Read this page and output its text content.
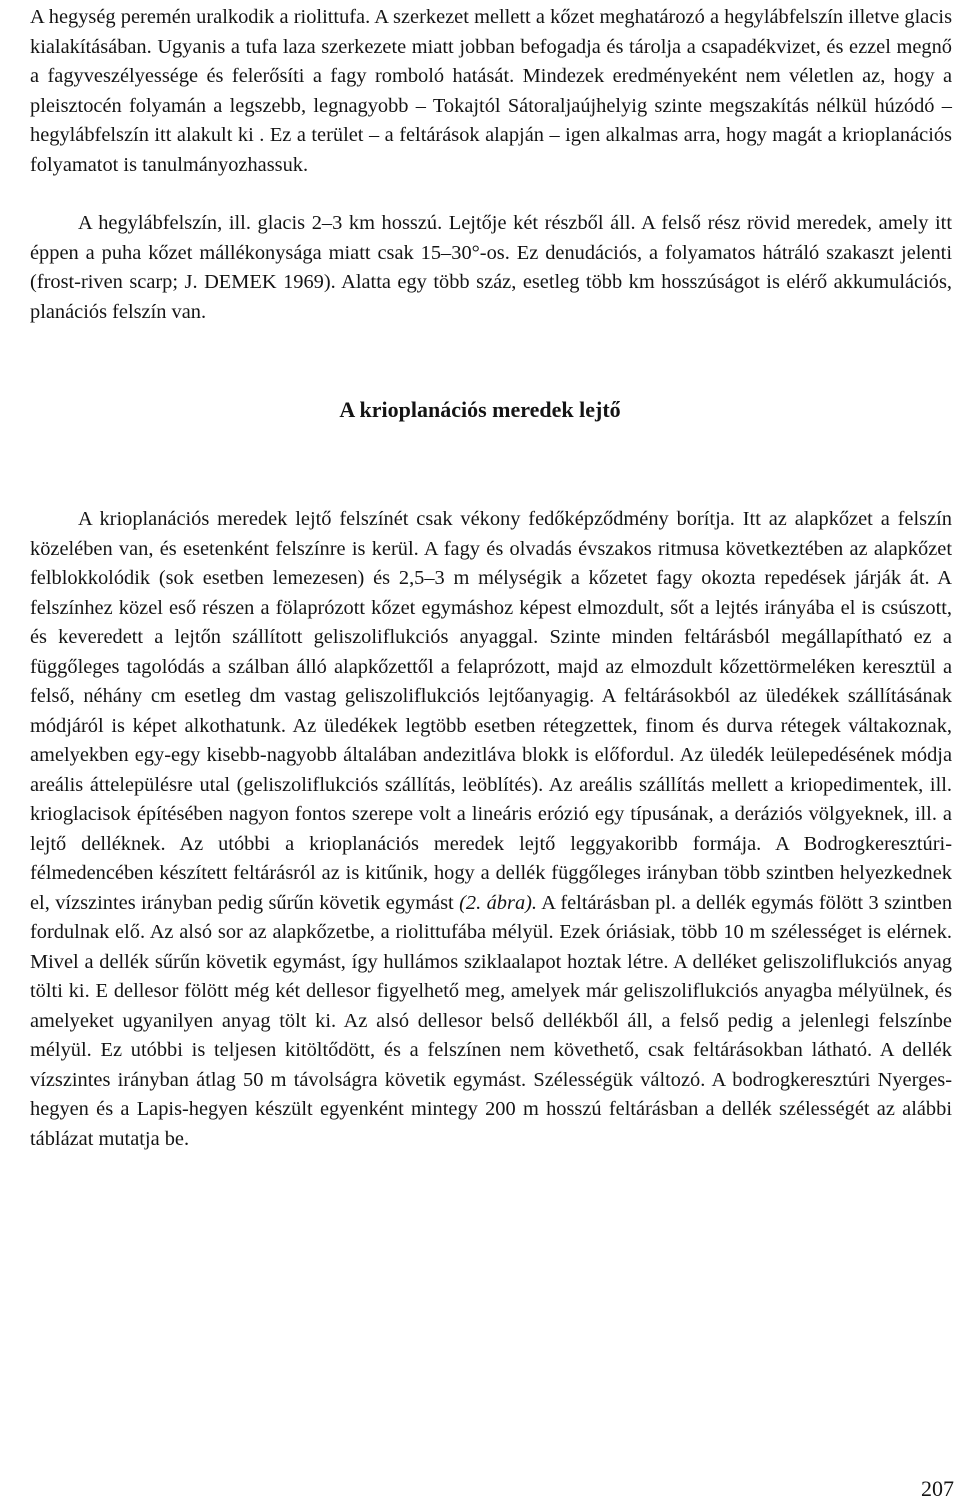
A hegység peremén uralkodik a riolittufa. A szerkezet mellett a kőzet meghatározó a hegylábfelszín illetve glacis kialakításában. Ugyanis a tufa laza szerkezete miatt jobban befogadja és tárolja a csapadékvizet, és ezzel megnő a fagyveszélyessége és felerősíti a fagy romboló hatását. Mindezek eredményeként nem véletlen az, hogy a pleisztocén folyamán a legszebb, legnagyobb – Tokajtól Sátoraljaújhelyig szinte megszakítás nélkül húzódó – hegylábfelszín itt alakult ki . Ez a terület – a feltárások alapján – igen alkalmas arra, hogy magát a krioplanációs folyamatot is tanulmányozhassuk.

A hegylábfelszín, ill. glacis 2–3 km hosszú. Lejtője két részből áll. A felső rész rövid meredek, amely itt éppen a puha kőzet mállékonysága miatt csak 15–30°-os. Ez denudációs, a folyamatos hátráló szakaszt jelenti (frost-riven scarp; J. DEMEK 1969). Alatta egy több száz, esetleg több km hosszúságot is elérő akkumulációs, planációs felszín van.

A krioplanációs meredek lejtő

A krioplanációs meredek lejtő felszínét csak vékony fedőképződmény borítja. Itt az alapkőzet a felszín közelében van, és esetenként felszínre is kerül. A fagy és olvadás évszakos ritmusa következtében az alapkőzet felblokkolódik (sok esetben lemezesen) és 2,5–3 m mélységik a kőzetet fagy okozta repedések járják át. A felszínhez közel eső részen a fölaprózott kőzet egymáshoz képest elmozdult, sőt a lejtés irányába el is csúszott, és keveredett a lejtőn szállított geliszoliflukciós anyaggal. Szinte minden feltárásból megállapítható ez a függőleges tagolódás a szálban álló alapkőzettől a felaprózott, majd az elmozdult kőzettörmeléken keresztül a felső, néhány cm esetleg dm vastag geliszoliflukciós lejtőanyagig. A feltárásokból az üledékek szállításának módjáról is képet alkothatunk. Az üledékek legtöbb esetben rétegzettek, finom és durva rétegek váltakoznak, amelyekben egy-egy kisebb-nagyobb általában andezitláva blokk is előfordul. Az üledék leülepedésének módja areális áttelepülésre utal (geliszoliflukciós szállítás, leöblítés). Az areális szállítás mellett a kriopedimentek, ill. krioglacisok építésében nagyon fontos szerepe volt a lineáris erózió egy típusának, a deráziós völgyeknek, ill. a lejtő delléknek. Az utóbbi a krioplanációs meredek lejtő leggyakoribb formája. A Bodrogkeresztúri-félmedencében készített feltárásról az is kitűnik, hogy a dellék függőleges irányban több szintben helyezkednek el, vízszintes irányban pedig sűrűn követik egymást (2. ábra). A feltárásban pl. a dellék egymás fölött 3 szintben fordulnak elő. Az alsó sor az alapkőzetbe, a riolittufába mélyül. Ezek óriásiak, több 10 m szélességet is elérnek. Mivel a dellék sűrűn követik egymást, így hullámos sziklaalapot hoztak létre. A delléket geliszoliflukciós anyag tölti ki. E dellesor fölött még két dellesor figyelhető meg, amelyek már geliszoliflukciós anyagba mélyülnek, és amelyeket ugyanilyen anyag tölt ki. Az alsó dellesor belső dellékből áll, a felső pedig a jelenlegi felszínbe mélyül. Ez utóbbi is teljesen kitöltődött, és a felszínen nem követhető, csak feltárásokban látható. A dellék vízszintes irányban átlag 50 m távolságra követik egymást. Szélességük változó. A bodrogkeresztúri Nyerges-hegyen és a Lapis-hegyen készült egyenként mintegy 200 m hosszú feltárásban a dellék szélességét az alábbi táblázat mutatja be.

207
